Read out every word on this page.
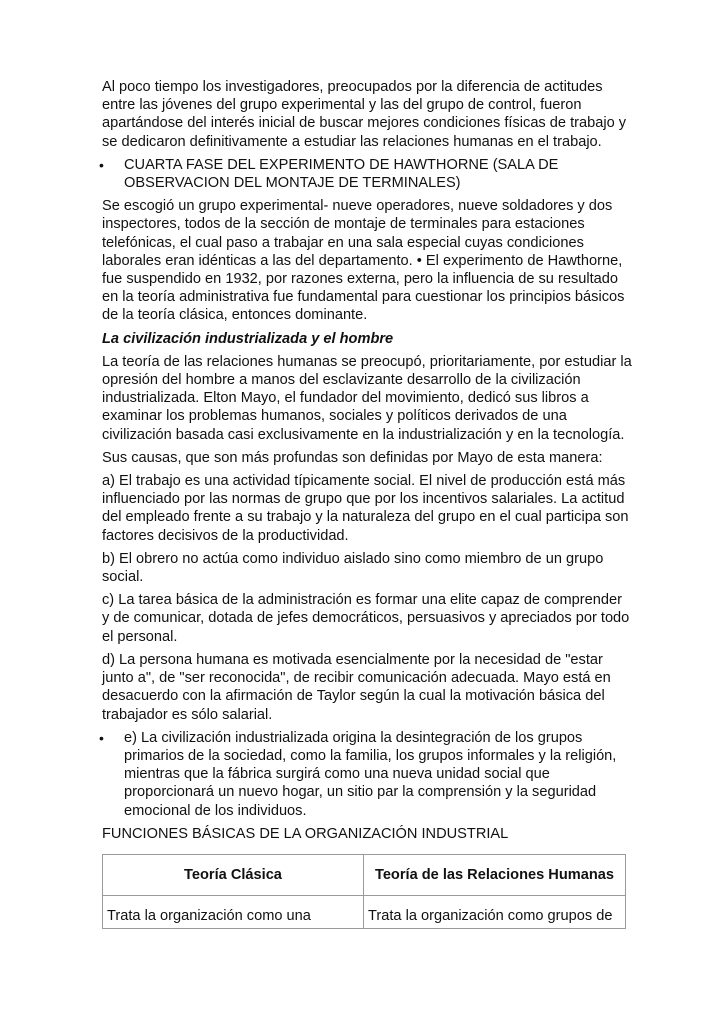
Al poco tiempo los investigadores, preocupados por la diferencia de actitudes entre las jóvenes del grupo experimental y las del grupo de control, fueron apartándose del interés inicial de buscar mejores condiciones físicas de trabajo y se dedicaron definitivamente a estudiar las relaciones humanas en el trabajo.

• CUARTA FASE DEL EXPERIMENTO DE HAWTHORNE (SALA DE OBSERVACION DEL MONTAJE DE TERMINALES)

Se escogió un grupo experimental- nueve operadores, nueve soldadores y dos inspectores, todos de la sección de montaje de terminales para estaciones telefónicas, el cual paso a trabajar en una sala especial cuyas condiciones laborales eran idénticas a las del departamento. • El experimento de Hawthorne, fue suspendido en 1932, por razones externa, pero la influencia de su resultado en la teoría administrativa fue fundamental para cuestionar los principios básicos de la teoría clásica, entonces dominante.

La civilización industrializada y el hombre

La teoría de las relaciones humanas se preocupó, prioritariamente, por estudiar la opresión del hombre a manos del esclavizante desarrollo de la civilización industrializada. Elton Mayo, el fundador del movimiento, dedicó sus libros a examinar los problemas humanos, sociales y políticos derivados de una civilización basada casi exclusivamente en la industrialización y en la tecnología.

Sus causas, que son más profundas son definidas por Mayo de esta manera:

a) El trabajo es una actividad típicamente social. El nivel de producción está más influenciado por las normas de grupo que por los incentivos salariales. La actitud del empleado frente a su trabajo y la naturaleza del grupo en el cual participa son factores decisivos de la productividad.

b) El obrero no actúa como individuo aislado sino como miembro de un grupo social.

c) La tarea básica de la administración es formar una elite capaz de comprender y de comunicar, dotada de jefes democráticos, persuasivos y apreciados por todo el personal.

d) La persona humana es motivada esencialmente por la necesidad de "estar junto a", de "ser reconocida", de recibir comunicación adecuada. Mayo está en desacuerdo con la afirmación de Taylor según la cual la motivación básica del trabajador es sólo salarial.

• e) La civilización industrializada origina la desintegración de los grupos primarios de la sociedad, como la familia, los grupos informales y la religión, mientras que la fábrica surgirá como una nueva unidad social que proporcionará un nuevo hogar, un sitio par la comprensión y la seguridad emocional de los individuos.

FUNCIONES BÁSICAS DE LA ORGANIZACIÓN INDUSTRIAL

Teoría Clásica	Teoría de las Relaciones Humanas
Trata la organización como una	Trata la organización como grupos de
